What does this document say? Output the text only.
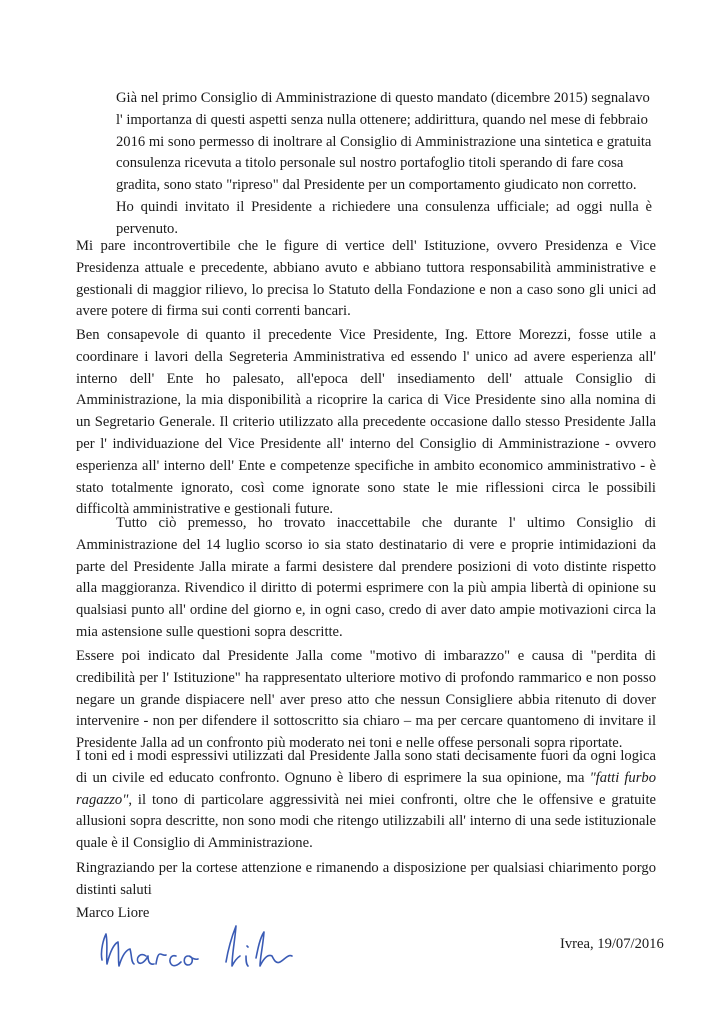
Già nel primo Consiglio di Amministrazione di questo mandato (dicembre 2015) segnalavo l' importanza di questi aspetti senza nulla ottenere; addirittura, quando nel mese di febbraio 2016 mi sono permesso di inoltrare al Consiglio di Amministrazione una sintetica e gratuita consulenza ricevuta a titolo personale sul nostro portafoglio titoli sperando di fare cosa gradita, sono stato "ripreso" dal Presidente per un comportamento giudicato non corretto.
Ho quindi invitato il Presidente a richiedere una consulenza ufficiale; ad oggi nulla è pervenuto.

Mi pare incontrovertibile che le figure di vertice dell' Istituzione, ovvero Presidenza e Vice Presidenza attuale e precedente, abbiano avuto e abbiano tuttora responsabilità amministrative e gestionali di maggior rilievo, lo precisa lo Statuto della Fondazione e non a caso sono gli unici ad avere potere di firma sui conti correnti bancari.

Ben consapevole di quanto il precedente Vice Presidente, Ing. Ettore Morezzi, fosse utile a coordinare i lavori della Segreteria Amministrativa ed essendo l' unico ad avere esperienza all' interno dell' Ente ho palesato, all'epoca dell' insediamento dell' attuale Consiglio di Amministrazione, la mia disponibilità a ricoprire la carica di Vice Presidente sino alla nomina di un Segretario Generale. Il criterio utilizzato alla precedente occasione dallo stesso Presidente Jalla per l' individuazione del Vice Presidente all' interno del Consiglio di Amministrazione - ovvero esperienza all' interno dell' Ente e competenze specifiche in ambito economico amministrativo - è stato totalmente ignorato, così come ignorate sono state le mie riflessioni circa le possibili difficoltà amministrative e gestionali future.

Tutto ciò premesso, ho trovato inaccettabile che durante l' ultimo Consiglio di Amministrazione del 14 luglio scorso io sia stato destinatario di vere e proprie intimidazioni da parte del Presidente Jalla mirate a farmi desistere dal prendere posizioni di voto distinte rispetto alla maggioranza. Rivendico il diritto di potermi esprimere con la più ampia libertà di opinione su qualsiasi punto all' ordine del giorno e, in ogni caso, credo di aver dato ampie motivazioni circa la mia astensione sulle questioni sopra descritte.

Essere poi indicato dal Presidente Jalla come "motivo di imbarazzo" e causa di "perdita di credibilità per l' Istituzione" ha rappresentato ulteriore motivo di profondo rammarico e non posso negare un grande dispiacere nell' aver preso atto che nessun Consigliere abbia ritenuto di dover intervenire - non per difendere il sottoscritto sia chiaro – ma per cercare quantomeno di invitare il Presidente Jalla ad un confronto più moderato nei toni e nelle offese personali sopra riportate.

I toni ed i modi espressivi utilizzati dal Presidente Jalla sono stati decisamente fuori da ogni logica di un civile ed educato confronto. Ognuno è libero di esprimere la sua opinione, ma "fatti furbo ragazzo", il tono di particolare aggressività nei miei confronti, oltre che le offensive e gratuite allusioni sopra descritte, non sono modi che ritengo utilizzabili all' interno di una sede istituzionale quale è il Consiglio di Amministrazione.

Ringraziando per la cortese attenzione e rimanendo a disposizione per qualsiasi chiarimento porgo distinti saluti

Marco Liore

Ivrea, 19/07/2016
